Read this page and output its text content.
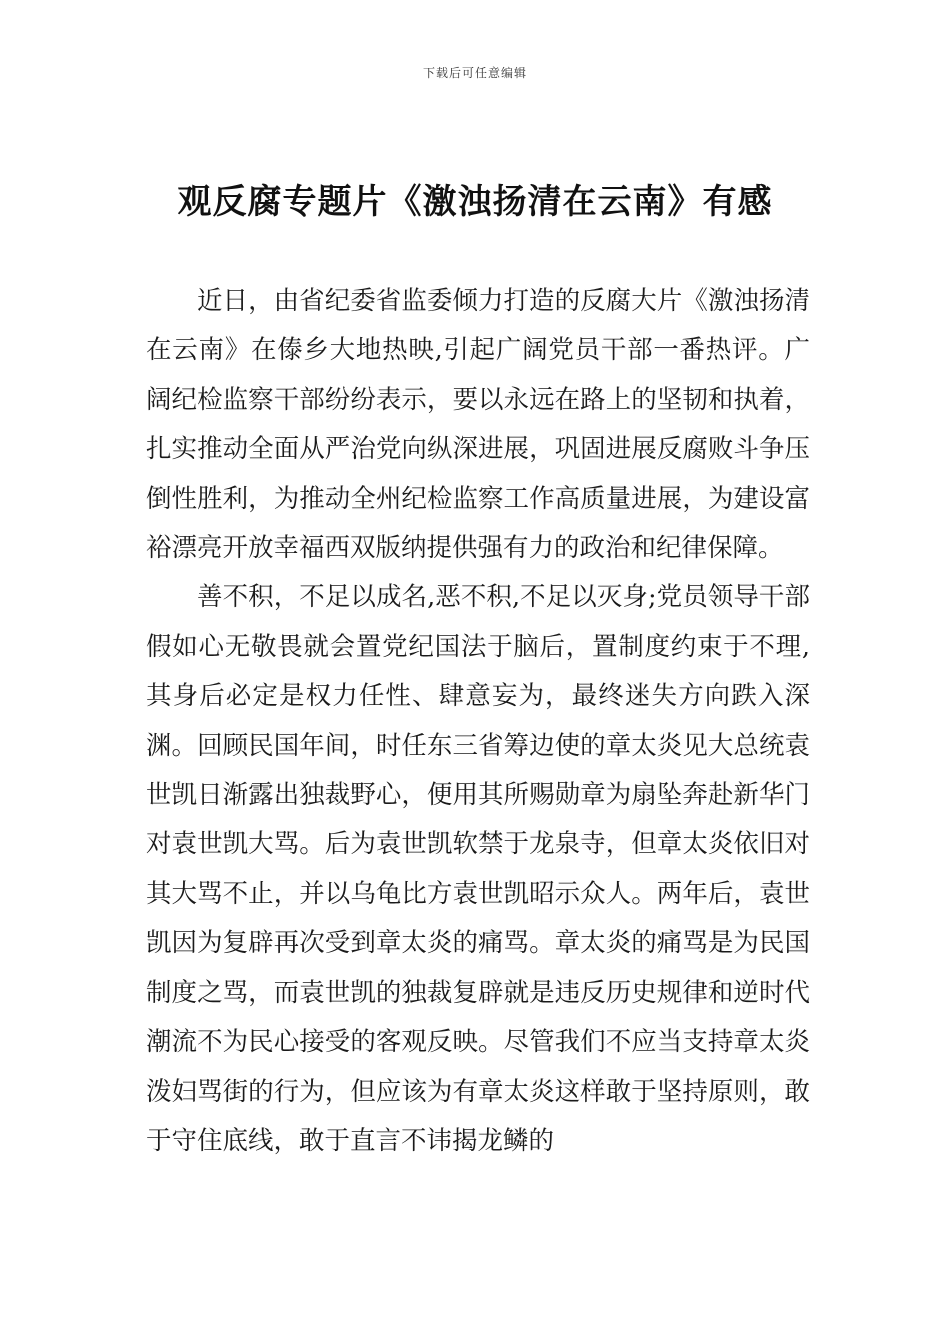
下载后可任意编辑
观反腐专题片《激浊扬清在云南》有感

近日，由省纪委省监委倾力打造的反腐大片《激浊扬清在云南》在傣乡大地热映,引起广阔党员干部一番热评。广阔纪检监察干部纷纷表示，要以永远在路上的坚韧和执着，扎实推动全面从严治党向纵深进展，巩固进展反腐败斗争压倒性胜利，为推动全州纪检监察工作高质量进展，为建设富裕漂亮开放幸福西双版纳提供强有力的政治和纪律保障。

善不积，不足以成名,恶不积,不足以灭身;党员领导干部假如心无敬畏就会置党纪国法于脑后，置制度约束于不理,其身后必定是权力任性、肆意妄为，最终迷失方向跌入深渊。回顾民国年间，时任东三省筹边使的章太炎见大总统袁世凯日渐露出独裁野心，便用其所赐勋章为扇坠奔赴新华门对袁世凯大骂。后为袁世凯软禁于龙泉寺，但章太炎依旧对其大骂不止，并以乌龟比方袁世凯昭示众人。两年后，袁世凯因为复辟再次受到章太炎的痛骂。章太炎的痛骂是为民国制度之骂，而袁世凯的独裁复辟就是违反历史规律和逆时代潮流不为民心接受的客观反映。尽管我们不应当支持章太炎泼妇骂街的行为，但应该为有章太炎这样敢于坚持原则，敢于守住底线，敢于直言不讳揭龙鳞的
